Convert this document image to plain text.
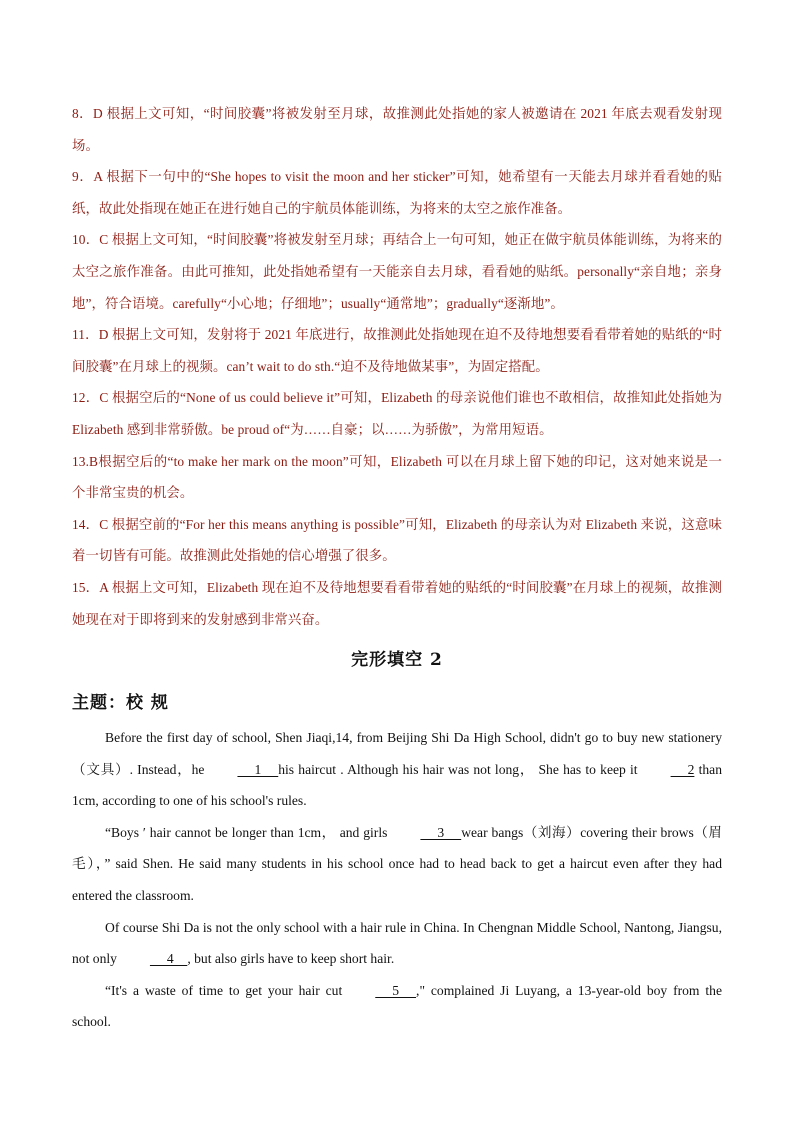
8．D 根据上文可知，“时间胶囊”将被发射至月球，故推测此处指她的家人被邀请在 2021 年底去观看发射现场。

9．A 根据下一句中的“She hopes to visit the moon and her sticker”可知，她希望有一天能去月球并看看她的贴纸，故此处指现在她正在进行她自己的宇航员体能训练，为将来的太空之旅作准备。

10．C 根据上文可知，“时间胶囊”将被发射至月球；再结合上一句可知，她正在做宇航员体能训练，为将来的太空之旅作准备。由此可推知，此处指她希望有一天能亲自去月球，看看她的贴纸。personally“亲自地；亲身地”，符合语境。carefully“小心地；仔细地”；usually“通常地”；gradually“逐渐地”。

11．D 根据上文可知，发射将于 2021 年底进行，故推测此处指她现在迫不及待地想要看看带着她的贴纸的“时间胶囊”在月球上的视频。can’t wait to do sth.“迫不及待地做某事”，为固定搭配。

12．C 根据空后的“None of us could believe it”可知，Elizabeth 的母亲说他们谁也不敢相信，故推知此处指她为 Elizabeth 感到非常骄傲。be proud of“为……自豪；以……为骄傲”，为常用短语。

13.B根据空后的“to make her mark on the moon”可知，Elizabeth 可以在月球上留下她的印记，这对她来说是一个非常宝贵的机会。

14．C 根据空前的“For her this means anything is possible”可知，Elizabeth 的母亲认为对 Elizabeth 来说，这意味着一切皆有可能。故推测此处指她的信心增强了很多。

15．A 根据上文可知，Elizabeth 现在迫不及待地想要看看带着她的贴纸的“时间胶囊”在月球上的视频，故推测她现在对于即将到来的发射感到非常兴奋。

完形填空 2
主题：校 规

Before the first day of school, Shen Jiaqi,14, from Beijing Shi Da High School, didn't go to buy new stationery（文具）. Instead，he     1     his haircut . Although his hair was not long， She has to keep it     2 than 1cm, according to one of his school's rules.

“Boys ′ hair cannot be longer than 1cm， and girls     3     wear bangs（刘海）covering their brows（眉毛），” said Shen. He said many students in his school once had to head back to get a haircut even after they had entered the classroom.

Of course Shi Da is not the only school with a hair rule in China. In Chengnan Middle School, Nantong, Jiangsu, not only     4    , but also girls have to keep short hair.

“It's a waste of time to get your hair cut     5     ," complained Ji Luyang, a 13-year-old boy from the school.
